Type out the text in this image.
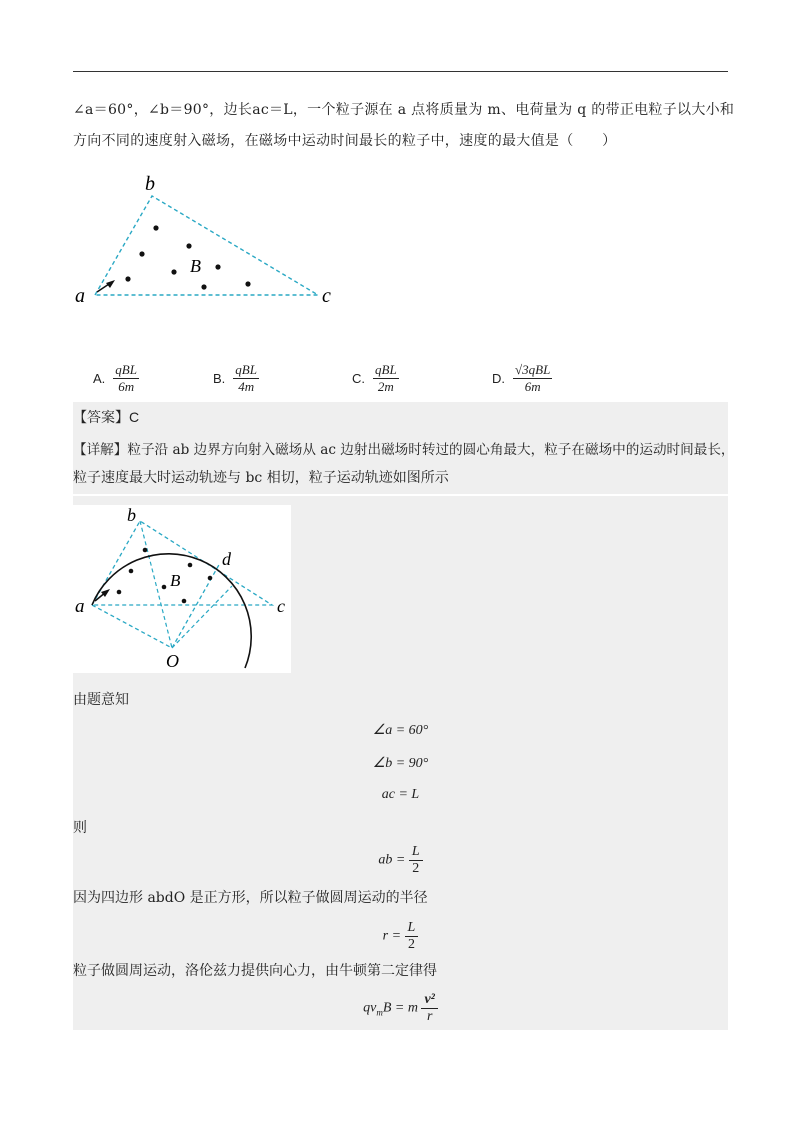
∠a＝60°，∠b＝90°，边长ac＝L，一个粒子源在 a 点将质量为 m、电荷量为 q 的带正电粒子以大小和
方向不同的速度射入磁场，在磁场中运动时间最长的粒子中，速度的最大值是（　　）
b
a	c
B
A. $\frac{\text{qBL}}{6m}$	B. $\frac{\text{qBL}}{4m}$	C. $\frac{\text{qBL}}{2m}$	D. $\frac{\text{√3qBL}}{6m}$
【答案】C
【详解】粒子沿 ab 边界方向射入磁场从 ac 边射出磁场时转过的圆心角最大，粒子在磁场中的运动时间最长，
粒子速度最大时运动轨迹与 bc 相切，粒子运动轨迹如图所示
b
a	c
d
O
B
由题意知
∠a = 60°
∠b = 90°
ac = L
则
ab = $\frac{L}{2}$
因为四边形 abdO 是正方形，所以粒子做圆周运动的半径
$r = \frac{L}{2}$
粒子做圆周运动，洛伦兹力提供向心力，由牛顿第二定律得
$qv_mB = m \frac{\text{v²}}{r}$
